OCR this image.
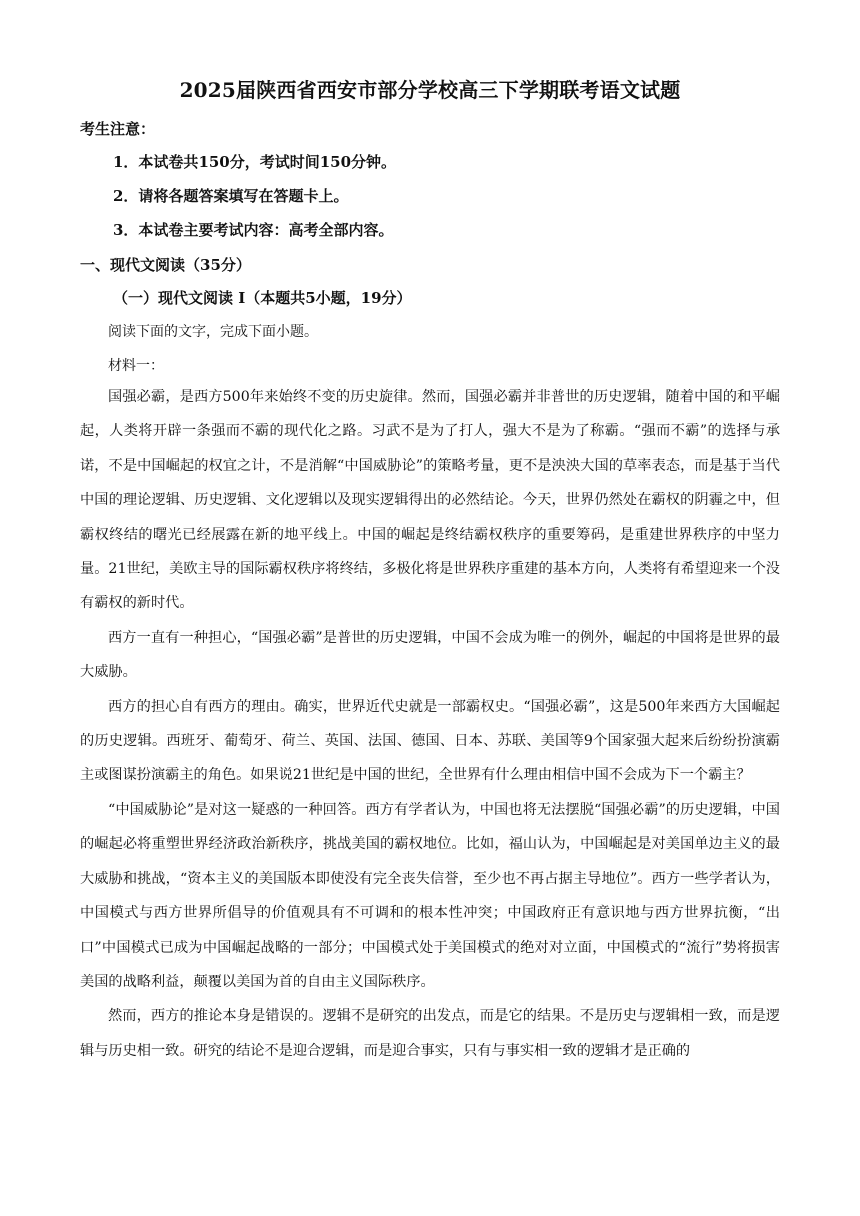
2025届陕西省西安市部分学校高三下学期联考语文试题
考生注意：
1．本试卷共150分，考试时间150分钟。
2．请将各题答案填写在答题卡上。
3．本试卷主要考试内容：高考全部内容。
一、现代文阅读（35分）
（一）现代文阅读 I（本题共5小题，19分）
阅读下面的文字，完成下面小题。
材料一：

国强必霸，是西方500年来始终不变的历史旋律。然而，国强必霸并非普世的历史逻辑，随着中国的和平崛起，人类将开辟一条强而不霸的现代化之路。习武不是为了打人，强大不是为了称霸。“强而不霸”的选择与承诺，不是中国崛起的权宜之计，不是消解“中国威胁论”的策略考量，更不是泱泱大国的草率表态，而是基于当代中国的理论逻辑、历史逻辑、文化逻辑以及现实逻辑得出的必然结论。今天，世界仍然处在霸权的阴霾之中，但霸权终结的曙光已经展露在新的地平线上。中国的崛起是终结霸权秩序的重要筹码，是重建世界秩序的中坚力量。21世纪，美欧主导的国际霸权秩序将终结，多极化将是世界秩序重建的基本方向，人类将有希望迎来一个没有霸权的新时代。

西方一直有一种担心，“国强必霸”是普世的历史逻辑，中国不会成为唯一的例外，崛起的中国将是世界的最大威胁。

西方的担心自有西方的理由。确实，世界近代史就是一部霸权史。“国强必霸”，这是500年来西方大国崛起的历史逻辑。西班牙、葡萄牙、荷兰、英国、法国、德国、日本、苏联、美国等9个国家强大起来后纷纷扮演霸主或图谋扮演霸主的角色。如果说21世纪是中国的世纪，全世界有什么理由相信中国不会成为下一个霸主？

“中国威胁论”是对这一疑惑的一种回答。西方有学者认为，中国也将无法摆脱“国强必霸”的历史逻辑，中国的崛起必将重塑世界经济政治新秩序，挑战美国的霸权地位。比如，福山认为，中国崛起是对美国单边主义的最大威胁和挑战，“资本主义的美国版本即使没有完全丧失信誉，至少也不再占据主导地位”。西方一些学者认为，中国模式与西方世界所倡导的价值观具有不可调和的根本性冲突；中国政府正有意识地与西方世界抗衡，“出口”中国模式已成为中国崛起战略的一部分；中国模式处于美国模式的绝对对立面，中国模式的“流行”势将损害美国的战略利益，颠覆以美国为首的自由主义国际秩序。

然而，西方的推论本身是错误的。逻辑不是研究的出发点，而是它的结果。不是历史与逻辑相一致，而是逻辑与历史相一致。研究的结论不是迎合逻辑，而是迎合事实，只有与事实相一致的逻辑才是正确的
